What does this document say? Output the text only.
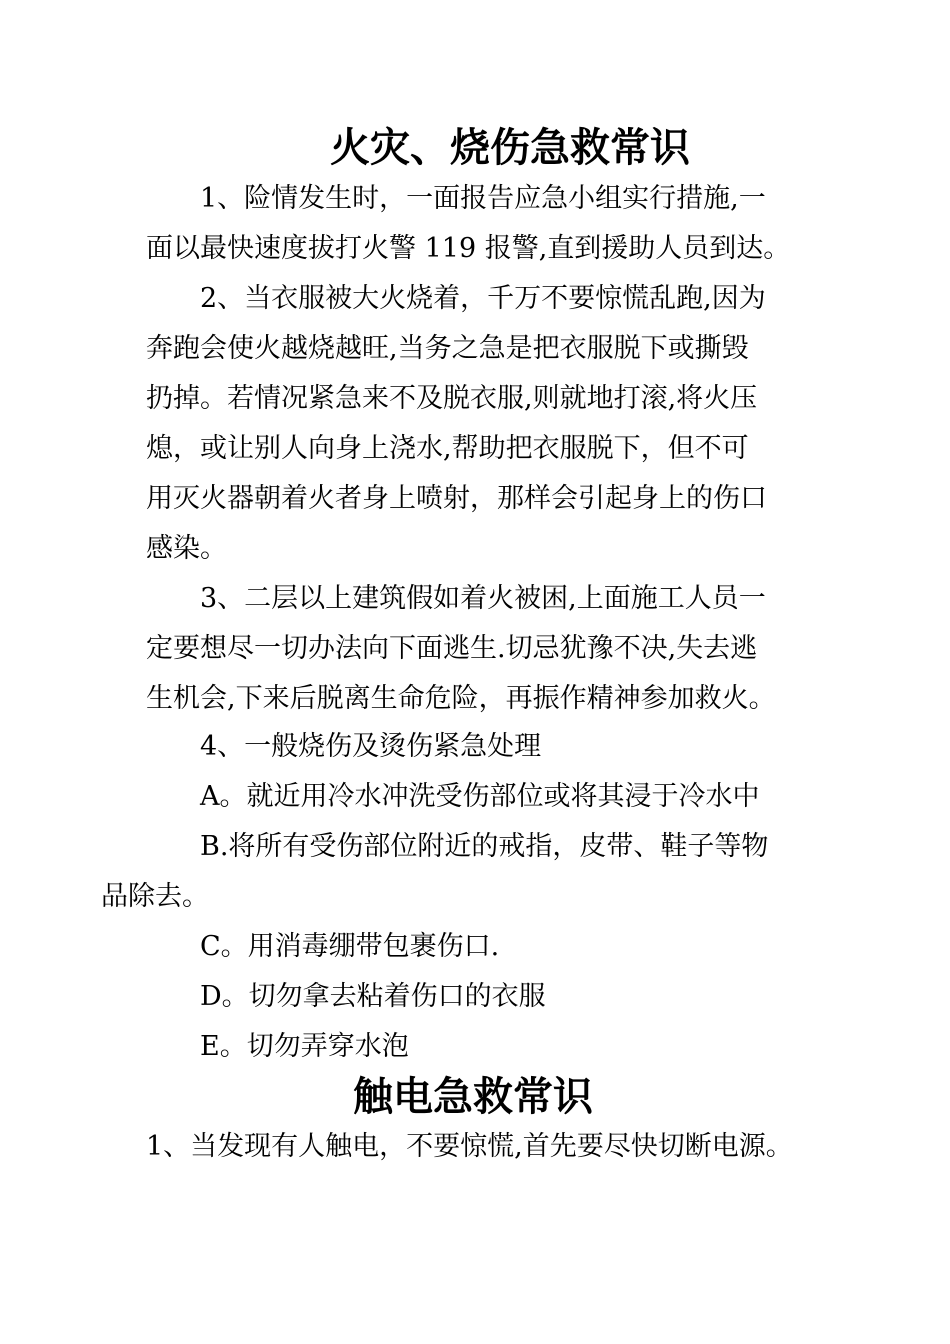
火灾、烧伤急救常识
1、险情发生时，一面报告应急小组实行措施,一
面以最快速度拔打火警 119 报警,直到援助人员到达。
2、当衣服被大火烧着，千万不要惊慌乱跑,因为
奔跑会使火越烧越旺,当务之急是把衣服脱下或撕毁
扔掉。若情况紧急来不及脱衣服,则就地打滚,将火压
熄，或让别人向身上浇水,帮助把衣服脱下，但不可
用灭火器朝着火者身上喷射，那样会引起身上的伤口
感染。
3、二层以上建筑假如着火被困,上面施工人员一
定要想尽一切办法向下面逃生.切忌犹豫不决,失去逃
生机会,下来后脱离生命危险，再振作精神参加救火。
4、一般烧伤及烫伤紧急处理
A。就近用冷水冲洗受伤部位或将其浸于冷水中
B.将所有受伤部位附近的戒指，皮带、鞋子等物
品除去。
C。用消毒绷带包裹伤口.
D。切勿拿去粘着伤口的衣服
E。切勿弄穿水泡
触电急救常识
1、当发现有人触电，不要惊慌,首先要尽快切断电源。
